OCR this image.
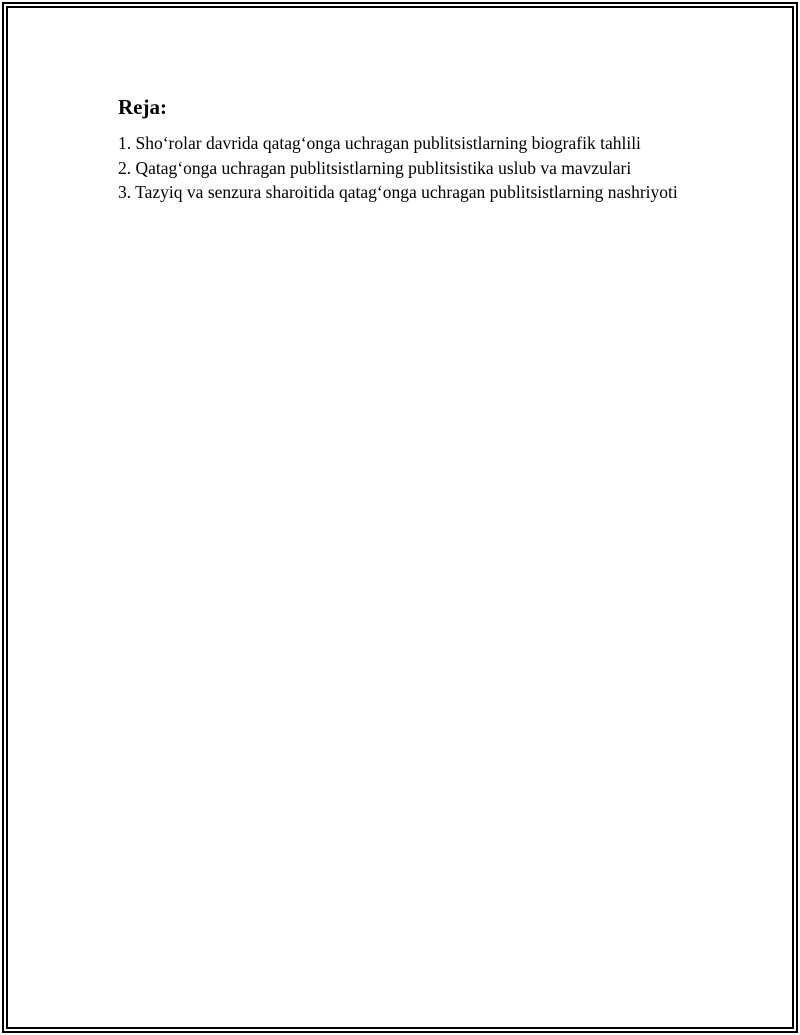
Reja:

1. Sho‘rolar davrida qatag‘onga uchragan publitsistlarning biografik tahlili

2. Qatag‘onga uchragan publitsistlarning publitsistika uslub va mavzulari

3. Tazyiq va senzura sharoitida qatag‘onga uchragan publitsistlarning nashriyoti
